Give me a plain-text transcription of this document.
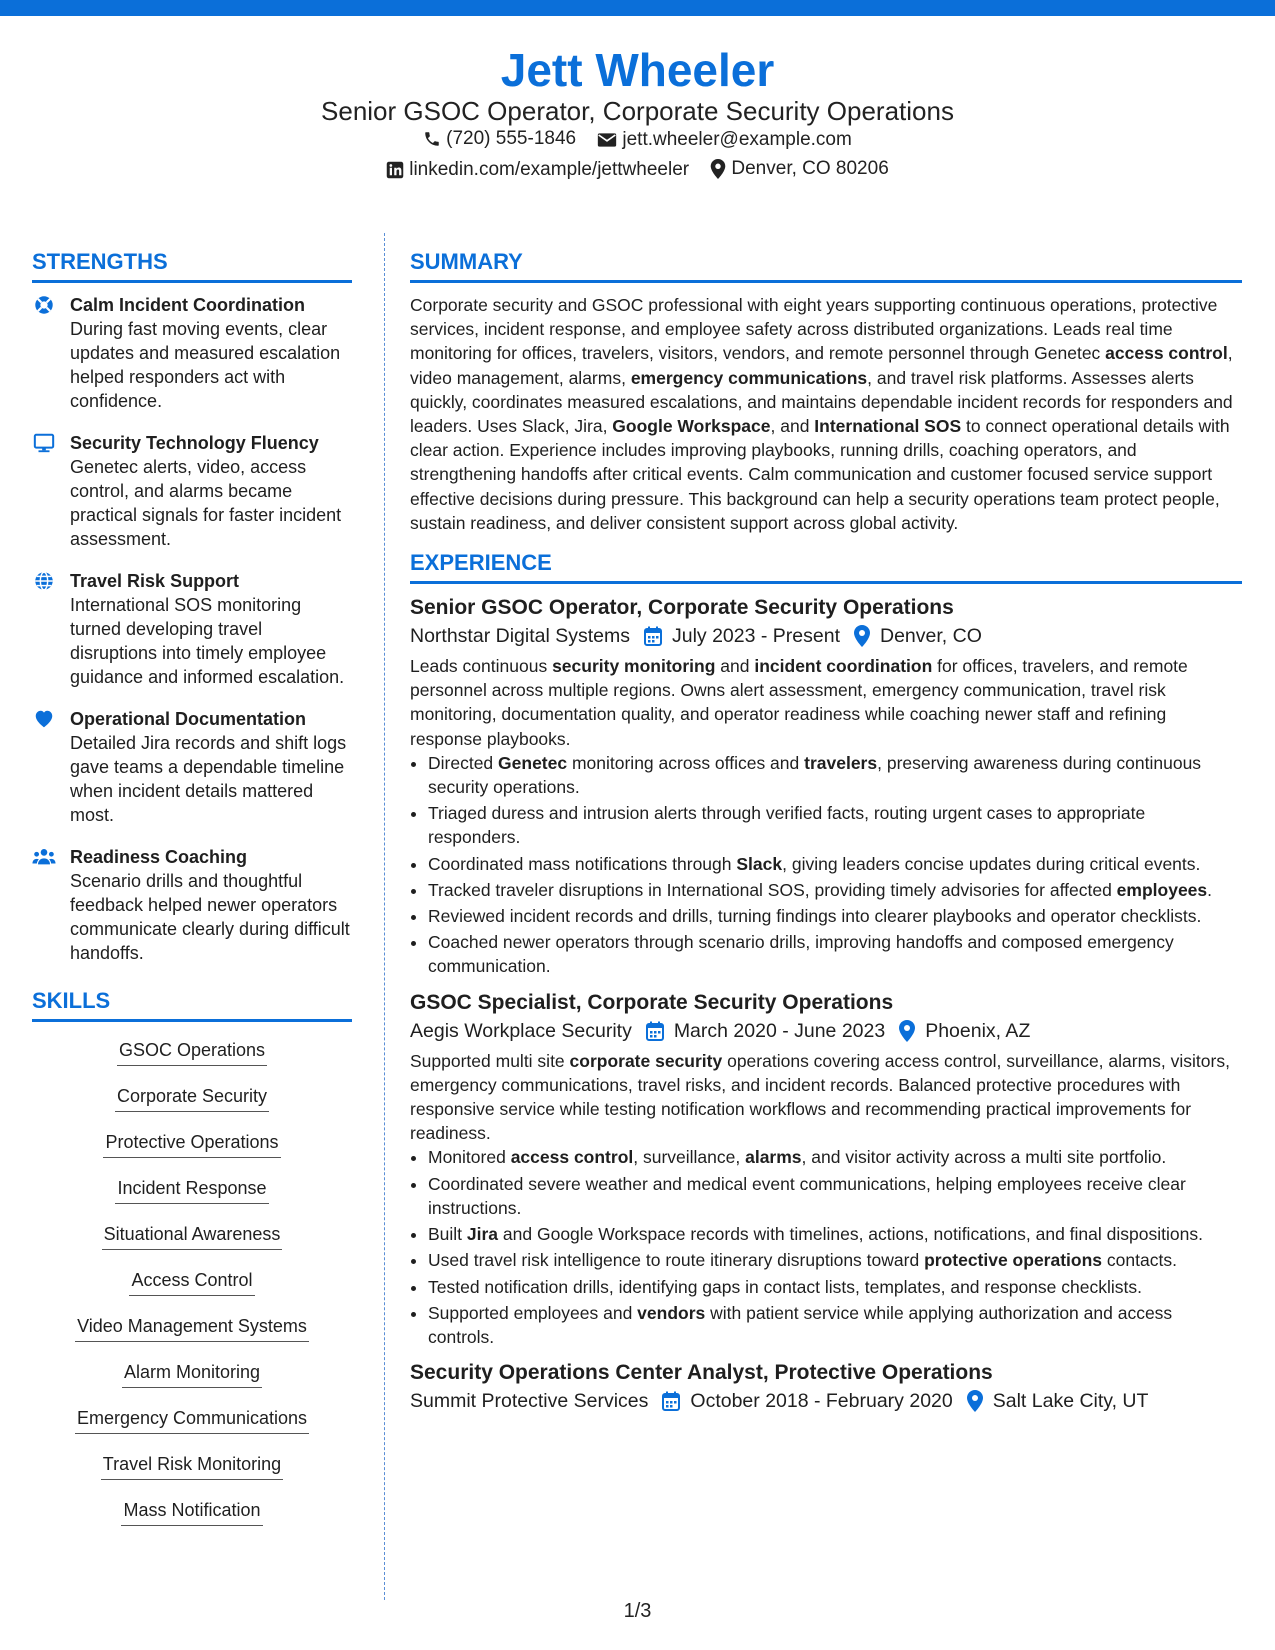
Jett Wheeler
Senior GSOC Operator, Corporate Security Operations
(720) 555-1846
jett.wheeler@example.com
linkedin.com/example/jettwheeler
Denver, CO 80206
STRENGTHS
Calm Incident Coordination
During fast moving events, clear updates and measured escalation helped responders act with confidence.
Security Technology Fluency
Genetec alerts, video, access control, and alarms became practical signals for faster incident assessment.
Travel Risk Support
International SOS monitoring turned developing travel disruptions into timely employee guidance and informed escalation.
Operational Documentation
Detailed Jira records and shift logs gave teams a dependable timeline when incident details mattered most.
Readiness Coaching
Scenario drills and thoughtful feedback helped newer operators communicate clearly during difficult handoffs.
SKILLS
GSOC Operations
Corporate Security
Protective Operations
Incident Response
Situational Awareness
Access Control
Video Management Systems
Alarm Monitoring
Emergency Communications
Travel Risk Monitoring
Mass Notification
SUMMARY

Corporate security and GSOC professional with eight years supporting continuous operations, protective services, incident response, and employee safety across distributed organizations. Leads real time monitoring for offices, travelers, visitors, vendors, and remote personnel through Genetec access control, video management, alarms, emergency communications, and travel risk platforms. Assesses alerts quickly, coordinates measured escalations, and maintains dependable incident records for responders and leaders. Uses Slack, Jira, Google Workspace, and International SOS to connect operational details with clear action. Experience includes improving playbooks, running drills, coaching operators, and strengthening handoffs after critical events. Calm communication and customer focused service support effective decisions during pressure. This background can help a security operations team protect people, sustain readiness, and deliver consistent support across global activity.

EXPERIENCE
Senior GSOC Operator, Corporate Security Operations
Northstar Digital Systems July 2023 - Present Denver, CO

Leads continuous security monitoring and incident coordination for offices, travelers, and remote personnel across multiple regions. Owns alert assessment, emergency communication, travel risk monitoring, documentation quality, and operator readiness while coaching newer staff and refining response playbooks.

• Directed Genetec monitoring across offices and travelers, preserving awareness during continuous security operations.
• Triaged duress and intrusion alerts through verified facts, routing urgent cases to appropriate responders.
• Coordinated mass notifications through Slack, giving leaders concise updates during critical events.
• Tracked traveler disruptions in International SOS, providing timely advisories for affected employees.
• Reviewed incident records and drills, turning findings into clearer playbooks and operator checklists.
• Coached newer operators through scenario drills, improving handoffs and composed emergency communication.
GSOC Specialist, Corporate Security Operations
Aegis Workplace Security March 2020 - June 2023 Phoenix, AZ

Supported multi site corporate security operations covering access control, surveillance, alarms, visitors, emergency communications, travel risks, and incident records. Balanced protective procedures with responsive service while testing notification workflows and recommending practical improvements for readiness.

• Monitored access control, surveillance, alarms, and visitor activity across a multi site portfolio.
• Coordinated severe weather and medical event communications, helping employees receive clear instructions.
• Built Jira and Google Workspace records with timelines, actions, notifications, and final dispositions.
• Used travel risk intelligence to route itinerary disruptions toward protective operations contacts.
• Tested notification drills, identifying gaps in contact lists, templates, and response checklists.
• Supported employees and vendors with patient service while applying authorization and access controls.
Security Operations Center Analyst, Protective Operations
Summit Protective Services October 2018 - February 2020 Salt Lake City, UT
1/3
